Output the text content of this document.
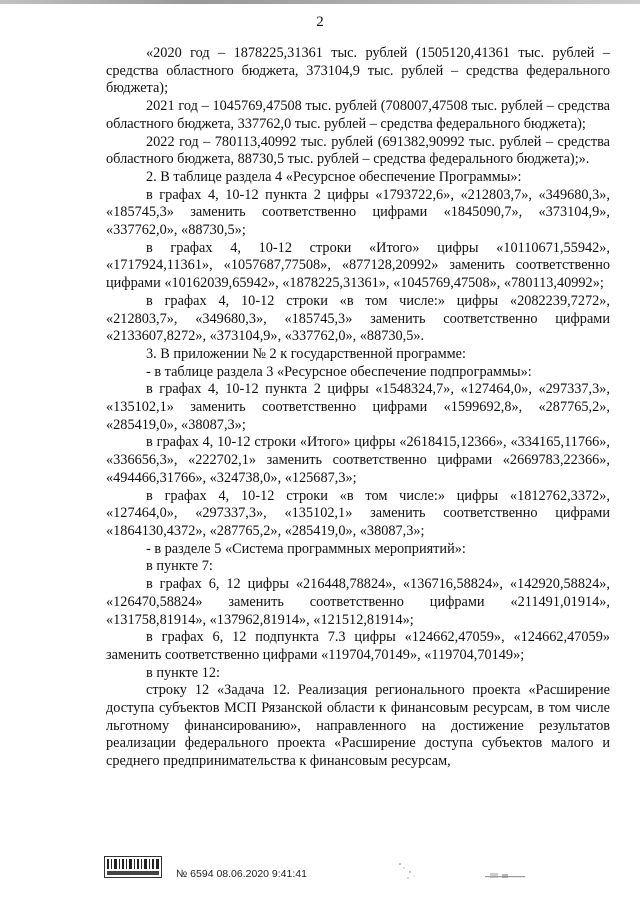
2

«2020 год – 1878225,31361 тыс. рублей (1505120,41361 тыс. рублей – средства областного бюджета, 373104,9 тыс. рублей – средства федерального бюджета);

2021 год – 1045769,47508 тыс. рублей (708007,47508 тыс. рублей – средства областного бюджета, 337762,0 тыс. рублей – средства федерального бюджета);

2022 год – 780113,40992 тыс. рублей (691382,90992 тыс. рублей – средства областного бюджета, 88730,5 тыс. рублей – средства федерального бюджета);».

2. В таблице раздела 4 «Ресурсное обеспечение Программы»:

в графах 4, 10-12 пункта 2 цифры «1793722,6», «212803,7», «349680,3», «185745,3» заменить соответственно цифрами «1845090,7», «373104,9», «337762,0», «88730,5»;

в графах 4, 10-12 строки «Итого» цифры «10110671,55942», «1717924,11361», «1057687,77508», «877128,20992» заменить соответственно цифрами «10162039,65942», «1878225,31361», «1045769,47508», «780113,40992»;

в графах 4, 10-12 строки «в том числе:» цифры «2082239,7272», «212803,7», «349680,3», «185745,3» заменить соответственно цифрами «2133607,8272», «373104,9», «337762,0», «88730,5».

3. В приложении № 2 к государственной программе:

- в таблице раздела 3 «Ресурсное обеспечение подпрограммы»:

в графах 4, 10-12 пункта 2 цифры «1548324,7», «127464,0», «297337,3», «135102,1» заменить соответственно цифрами «1599692,8», «287765,2», «285419,0», «38087,3»;

в графах 4, 10-12 строки «Итого» цифры «2618415,12366», «334165,11766», «336656,3», «222702,1» заменить соответственно цифрами «2669783,22366», «494466,31766», «324738,0», «125687,3»;

в графах 4, 10-12 строки «в том числе:» цифры «1812762,3372», «127464,0», «297337,3», «135102,1» заменить соответственно цифрами «1864130,4372», «287765,2», «285419,0», «38087,3»;

- в разделе 5 «Система программных мероприятий»:

в пункте 7:

в графах 6, 12 цифры «216448,78824», «136716,58824», «142920,58824», «126470,58824» заменить соответственно цифрами «211491,01914», «131758,81914», «137962,81914», «121512,81914»;

в графах 6, 12 подпункта 7.3 цифры «124662,47059», «124662,47059» заменить соответственно цифрами «119704,70149», «119704,70149»;

в пункте 12:

строку 12 «Задача 12. Реализация регионального проекта «Расширение доступа субъектов МСП Рязанской области к финансовым ресурсам, в том числе льготному финансированию», направленного на достижение результатов реализации федерального проекта «Расширение доступа субъектов малого и среднего предпринимательства к финансовым ресурсам,

№ 6594 08.06.2020 9:41:41
